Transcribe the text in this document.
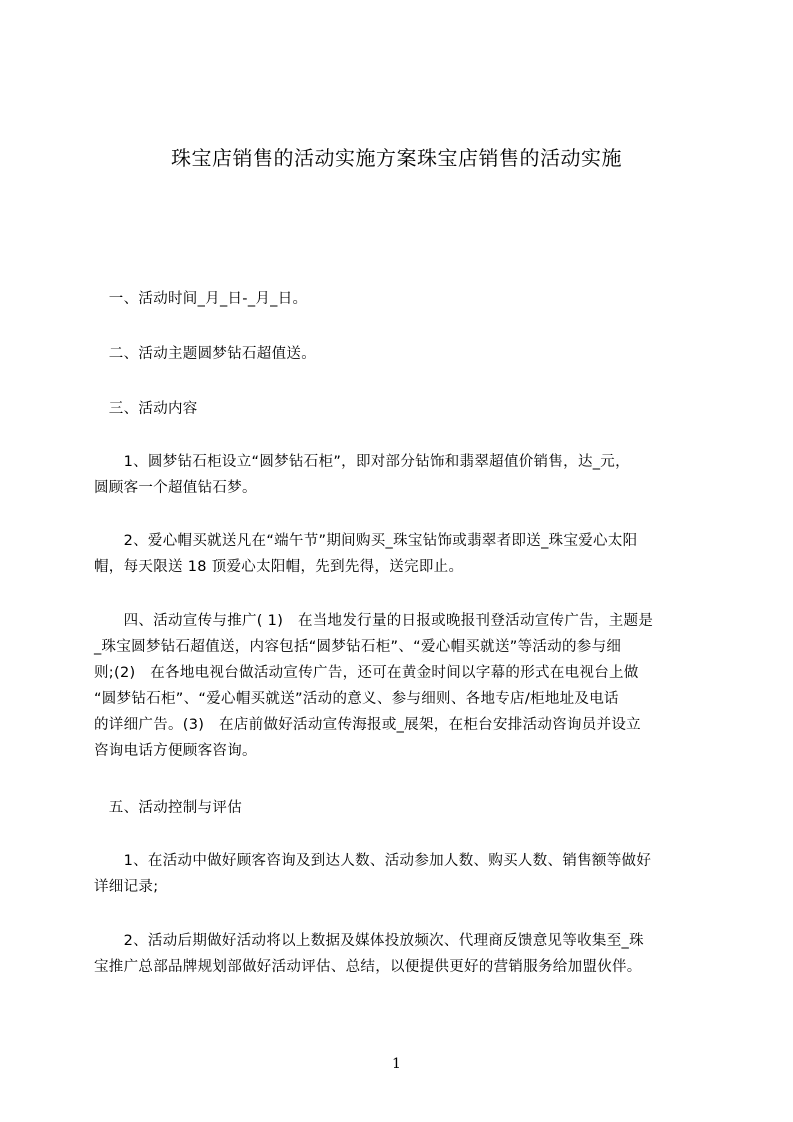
珠宝店销售的活动实施方案珠宝店销售的活动实施

　一、活动时间_月_日-_月_日。

　二、活动主题圆梦钻石超值送。

　三、活动内容

　　1、圆梦钻石柜设立“圆梦钻石柜”，即对部分钻饰和翡翠超值价销售，达_元，
圆顾客一个超值钻石梦。

　　2、爱心帽买就送凡在“端午节”期间购买_珠宝钻饰或翡翠者即送_珠宝爱心太阳
帽，每天限送 18 顶爱心太阳帽，先到先得，送完即止。

　　四、活动宣传与推广( 1)　在当地发行量的日报或晚报刊登活动宣传广告，主题是
_珠宝圆梦钻石超值送，内容包括“圆梦钻石柜”、“爱心帽买就送”等活动的参与细
则;(2)　在各地电视台做活动宣传广告，还可在黄金时间以字幕的形式在电视台上做
“圆梦钻石柜”、“爱心帽买就送”活动的意义、参与细则、各地专店/柜地址及电话
的详细广告。(3)　在店前做好活动宣传海报或_展架，在柜台安排活动咨询员并设立
咨询电话方便顾客咨询。

　五、活动控制与评估

　　1、在活动中做好顾客咨询及到达人数、活动参加人数、购买人数、销售额等做好
详细记录;

　　2、活动后期做好活动将以上数据及媒体投放频次、代理商反馈意见等收集至_珠
宝推广总部品牌规划部做好活动评估、总结，以便提供更好的营销服务给加盟伙伴。

1
